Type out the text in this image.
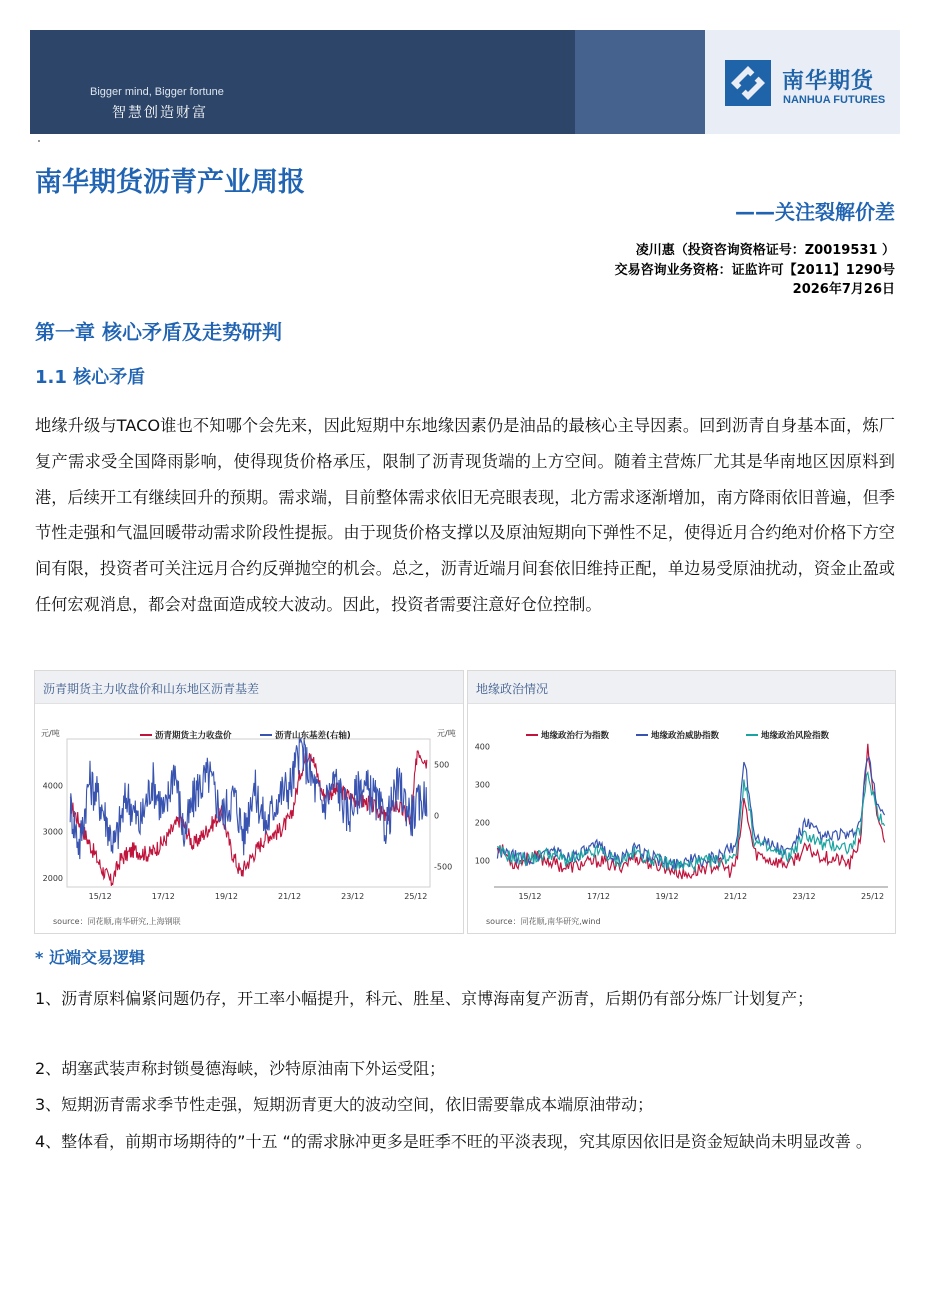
Bigger mind, Bigger fortune
智慧创造财富
南华期货
NANHUA FUTURES
南华期货沥青产业周报
——关注裂解价差
凌川惠（投资咨询资格证号：Z0019531 ）
交易咨询业务资格：证监许可【2011】1290号
2026年7月26日
第一章 核心矛盾及走势研判
1.1 核心矛盾
地缘升级与TACO谁也不知哪个会先来，因此短期中东地缘因素仍是油品的最核心主导因素。回到沥青自身基本面，炼厂复产需求受全国降雨影响，使得现货价格承压，限制了沥青现货端的上方空间。随着主营炼厂尤其是华南地区因原料到港，后续开工有继续回升的预期。需求端，目前整体需求依旧无亮眼表现，北方需求逐渐增加，南方降雨依旧普遍，但季节性走强和气温回暖带动需求阶段性提振。由于现货价格支撑以及原油短期向下弹性不足，使得近月合约绝对价格下方空间有限，投资者可关注远月合约反弹抛空的机会。总之，沥青近端月间套依旧维持正配，单边易受原油扰动，资金止盈或任何宏观消息，都会对盘面造成较大波动。因此，投资者需要注意好仓位控制。
沥青期货主力收盘价和山东地区沥青基差
元/吨	元/吨
2000
3000
4000
-500
0
500
15/12	17/12	19/12	21/12	23/12	25/12
沥青期货主力收盘价	沥青山东基差(右轴)
source：同花顺,南华研究,上海钢联
地缘政治情况
100
200
300
400
15/12	17/12	19/12	21/12	23/12	25/12
地缘政治行为指数	地缘政治威胁指数	地缘政治风险指数
source：同花顺,南华研究,wind
* 近端交易逻辑
1、沥青原料偏紧问题仍存，开工率小幅提升，科元、胜星、京博海南复产沥青，后期仍有部分炼厂计划复产；
2、胡塞武装声称封锁曼德海峡，沙特原油南下外运受阻；
3、短期沥青需求季节性走强，短期沥青更大的波动空间，依旧需要靠成本端原油带动；
4、整体看，前期市场期待的”十五 “的需求脉冲更多是旺季不旺的平淡表现，究其原因依旧是资金短缺尚未明显改善 。
